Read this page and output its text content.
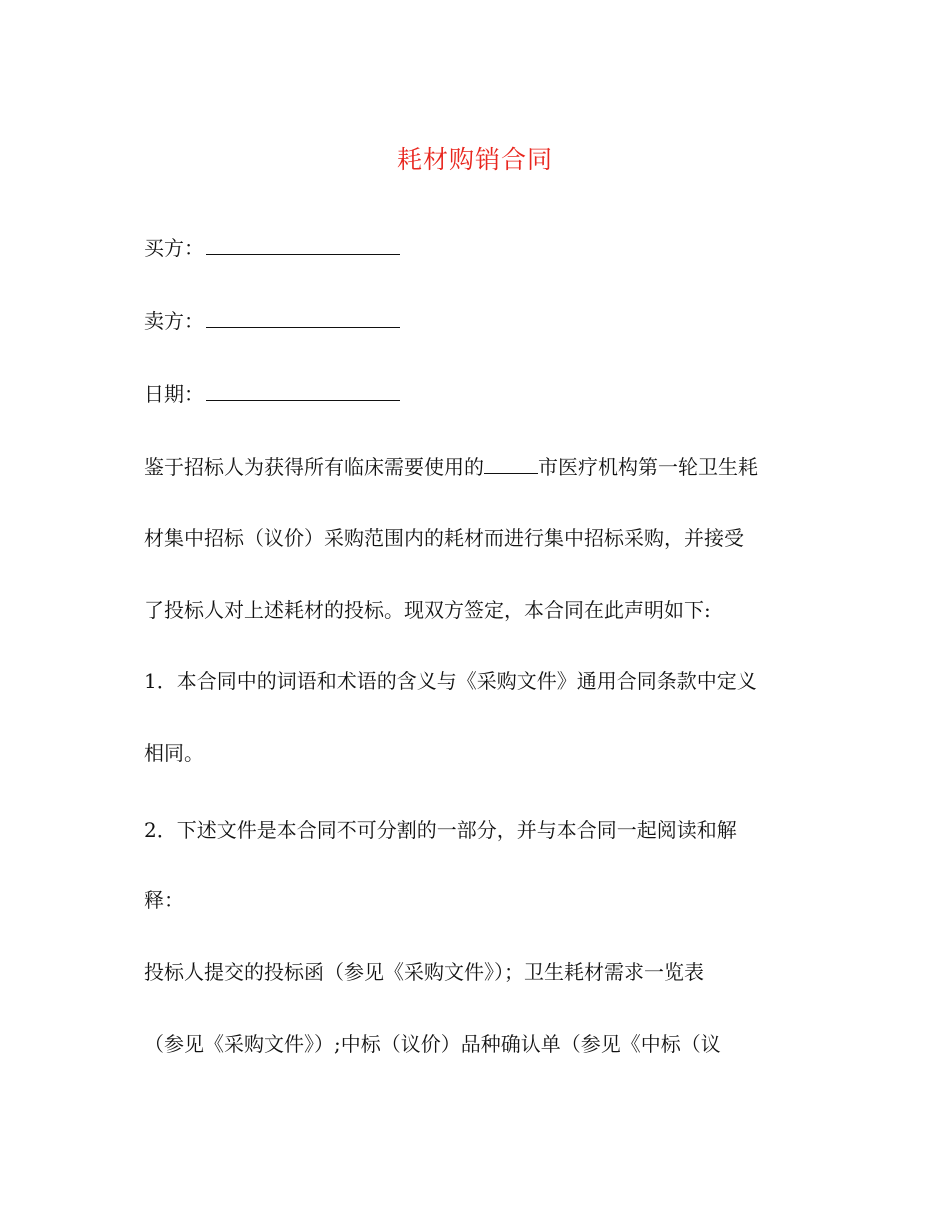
耗材购销合同
买方：
卖方：
日期：
鉴于招标人为获得所有临床需要使用的	市医疗机构第一轮卫生耗
材集中招标（议价）采购范围内的耗材而进行集中招标采购，并接受
了投标人对上述耗材的投标。现双方签定，本合同在此声明如下:
1．本合同中的词语和术语的含义与《采购文件》通用合同条款中定义
相同。
2．下述文件是本合同不可分割的一部分，并与本合同一起阅读和解
释：
投标人提交的投标函（参见《采购文件》）；卫生耗材需求一览表
（参见《采购文件》）;中标（议价）品种确认单（参见《中标（议
